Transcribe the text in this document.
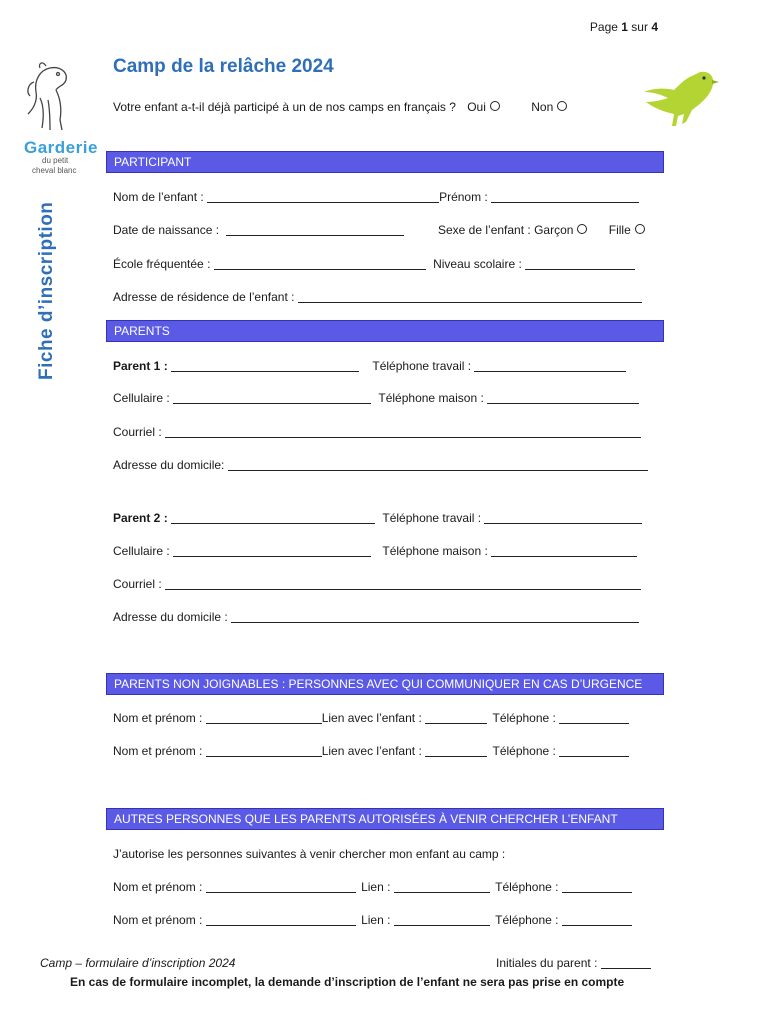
Page 1 sur 4
Garderie
du petit
cheval blanc
Fiche d’inscription
Camp de la relâche 2024
Votre enfant a-t-il déjà participé à un de nos camps en français ? Oui	Non
PARTICIPANT
Nom de l’enfant :	Prénom :
Date de naissance :	Sexe de l’enfant : Garçon	Fille
École fréquentée :	Niveau scolaire :
Adresse de résidence de l’enfant :
PARENTS
Parent 1 :	Téléphone travail :
Cellulaire :	Téléphone maison :
Courriel :
Adresse du domicile:
Parent 2 :	Téléphone travail :
Cellulaire :	Téléphone maison :
Courriel :
Adresse du domicile :
PARENTS NON JOIGNABLES : PERSONNES AVEC QUI COMMUNIQUER EN CAS D’URGENCE
Nom et prénom :	Lien avec l’enfant :	Téléphone :
Nom et prénom :	Lien avec l’enfant :	Téléphone :
AUTRES PERSONNES QUE LES PARENTS AUTORISÉES À VENIR CHERCHER L’ENFANT
J’autorise les personnes suivantes à venir chercher mon enfant au camp :
Nom et prénom :	Lien :	Téléphone :
Nom et prénom :	Lien :	Téléphone :
Camp – formulaire d’inscription 2024	Initiales du parent :
En cas de formulaire incomplet, la demande d’inscription de l’enfant ne sera pas prise en compte
